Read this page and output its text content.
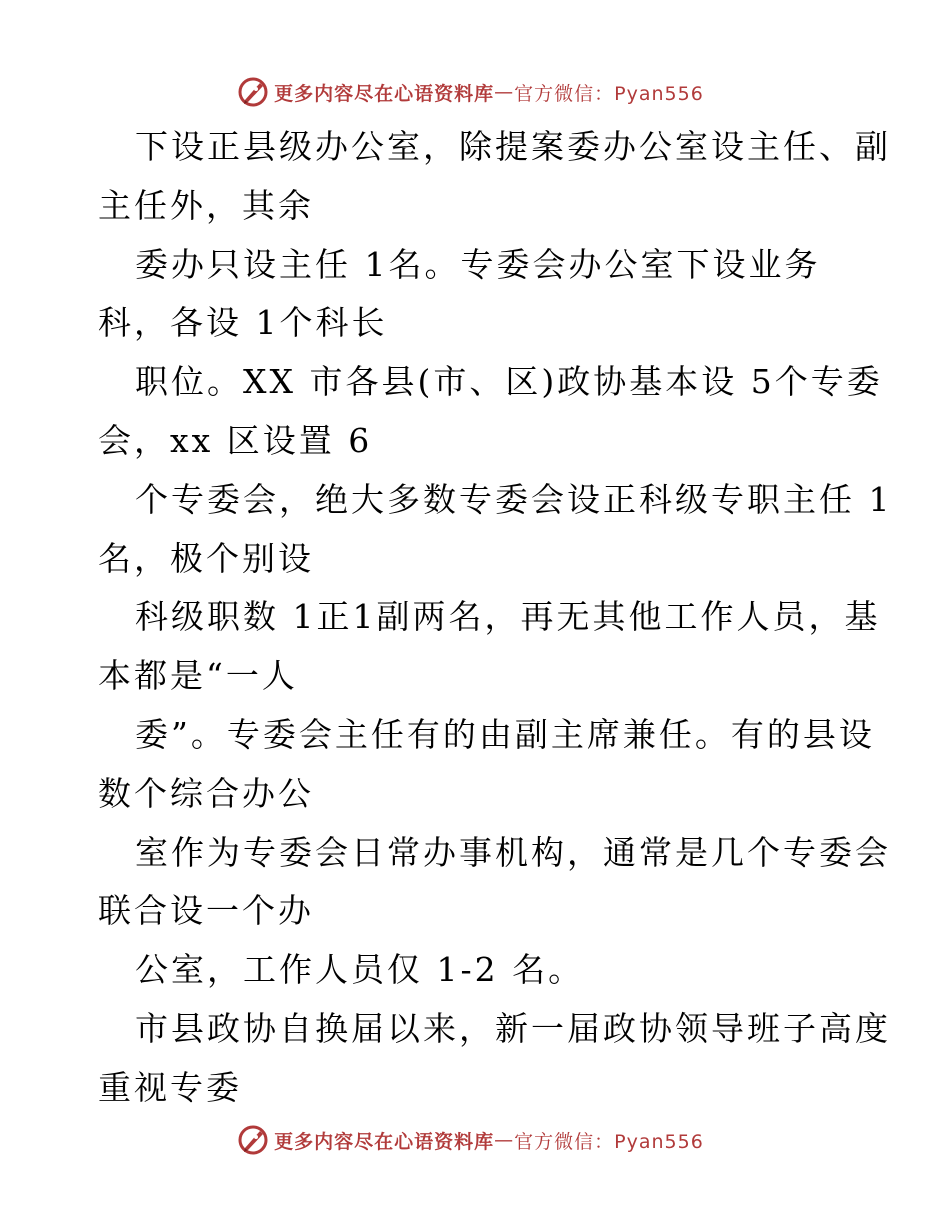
更多内容尽在心语资料库 — 官方微信：Pyan556
下设正县级办公室，除提案委办公室设主任、副
主任外，其余
委办只设主任 1名。专委会办公室下设业务
科，各设 1个科长
职位。XX 市各县(市、区)政协基本设 5个专委
会，xx 区设置 6
个专委会，绝大多数专委会设正科级专职主任 1
名，极个别设
科级职数 1正1副两名，再无其他工作人员，基
本都是“一人
委”。专委会主任有的由副主席兼任。有的县设
数个综合办公
室作为专委会日常办事机构，通常是几个专委会
联合设一个办
公室，工作人员仅 1-2 名。
市县政协自换届以来，新一届政协领导班子高度
重视专委
更多内容尽在心语资料库 — 官方微信：Pyan556
